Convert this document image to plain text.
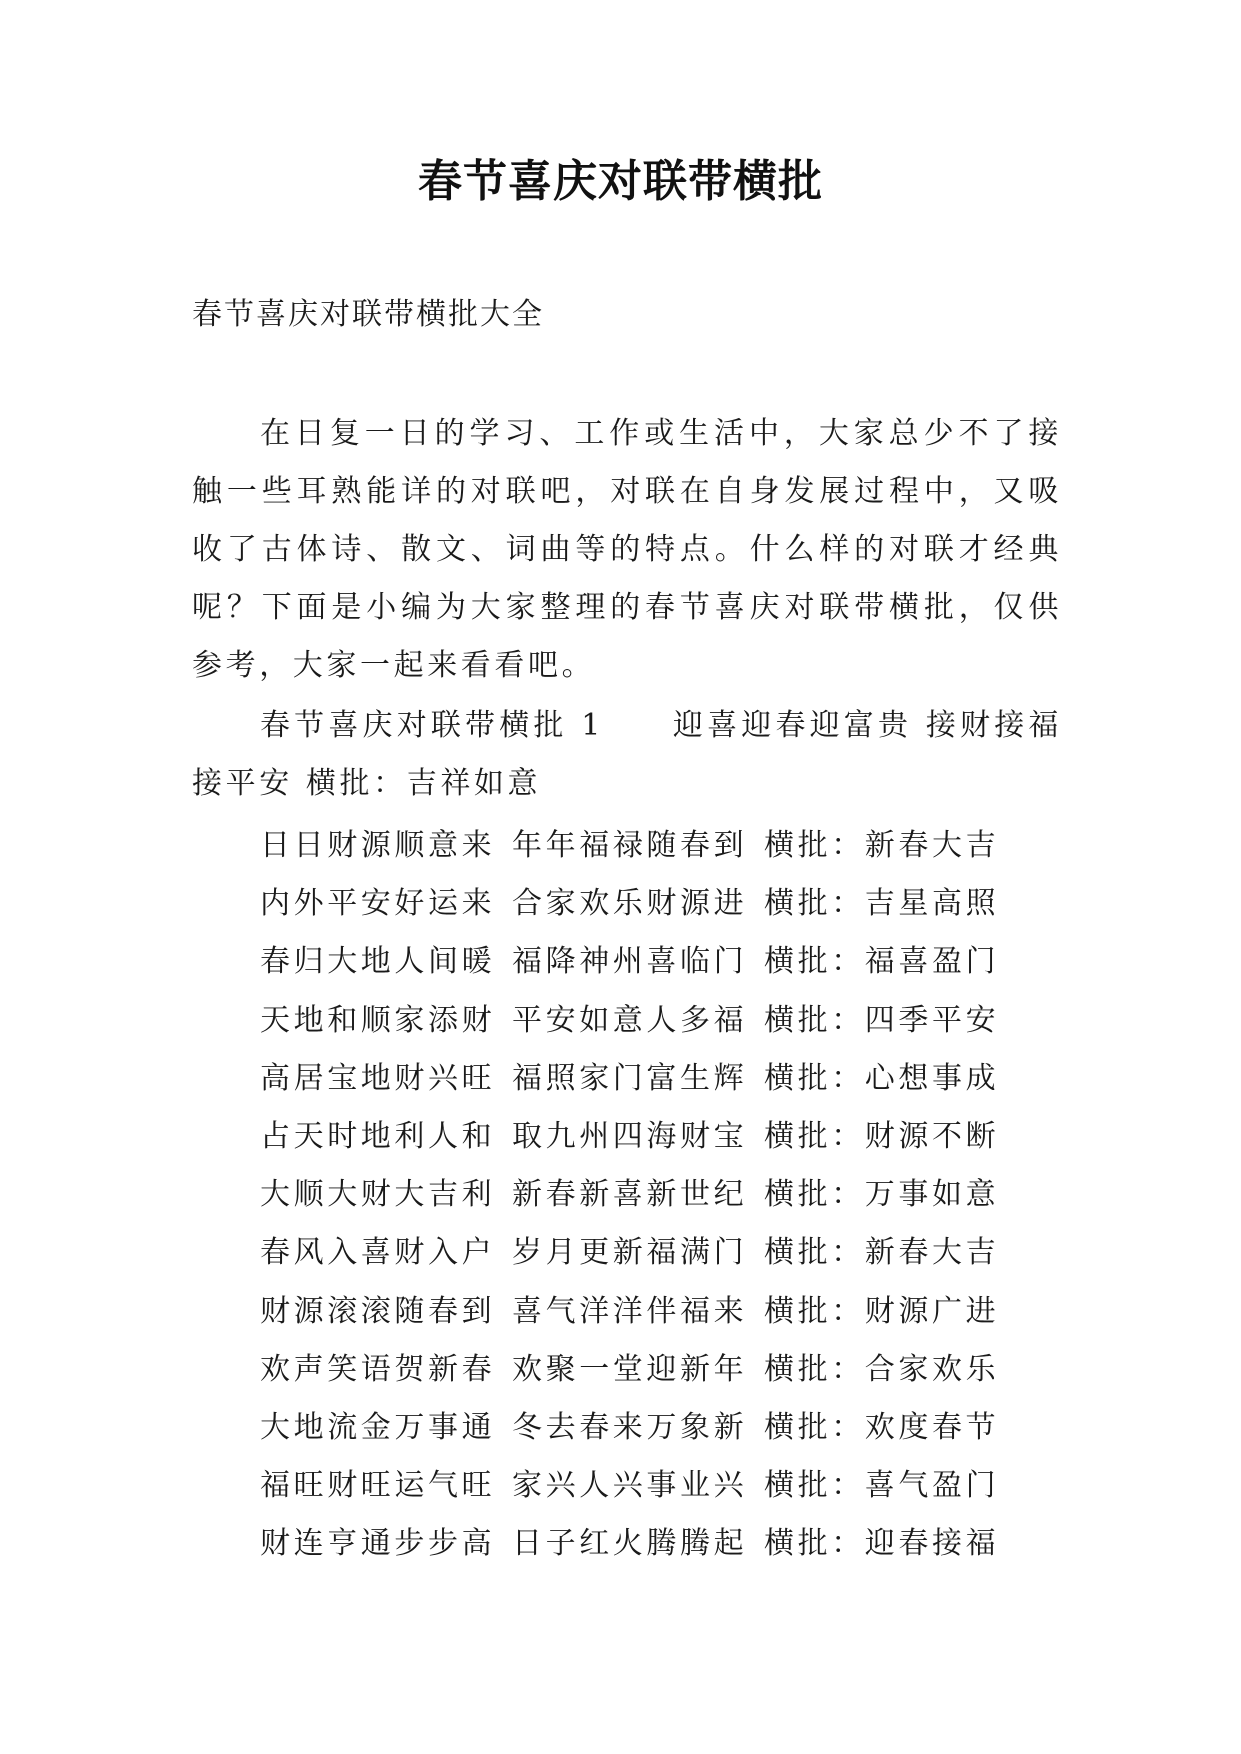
春节喜庆对联带横批
春节喜庆对联带横批大全

在日复一日的学习、工作或生活中，大家总少不了接触一些耳熟能详的对联吧，对联在自身发展过程中，又吸收了古体诗、散文、词曲等的特点。什么样的对联才经典呢？下面是小编为大家整理的春节喜庆对联带横批，仅供参考，大家一起来看看吧。

春节喜庆对联带横批 1　　迎喜迎春迎富贵 接财接福接平安 横批：吉祥如意

日日财源顺意来 年年福禄随春到 横批：新春大吉
内外平安好运来 合家欢乐财源进 横批：吉星高照
春归大地人间暖 福降神州喜临门 横批：福喜盈门
天地和顺家添财 平安如意人多福 横批：四季平安
高居宝地财兴旺 福照家门富生辉 横批：心想事成
占天时地利人和 取九州四海财宝 横批：财源不断
大顺大财大吉利 新春新喜新世纪 横批：万事如意
春风入喜财入户 岁月更新福满门 横批：新春大吉
财源滚滚随春到 喜气洋洋伴福来 横批：财源广进
欢声笑语贺新春 欢聚一堂迎新年 横批：合家欢乐
大地流金万事通 冬去春来万象新 横批：欢度春节
福旺财旺运气旺 家兴人兴事业兴 横批：喜气盈门
财连亨通步步高 日子红火腾腾起 横批：迎春接福
